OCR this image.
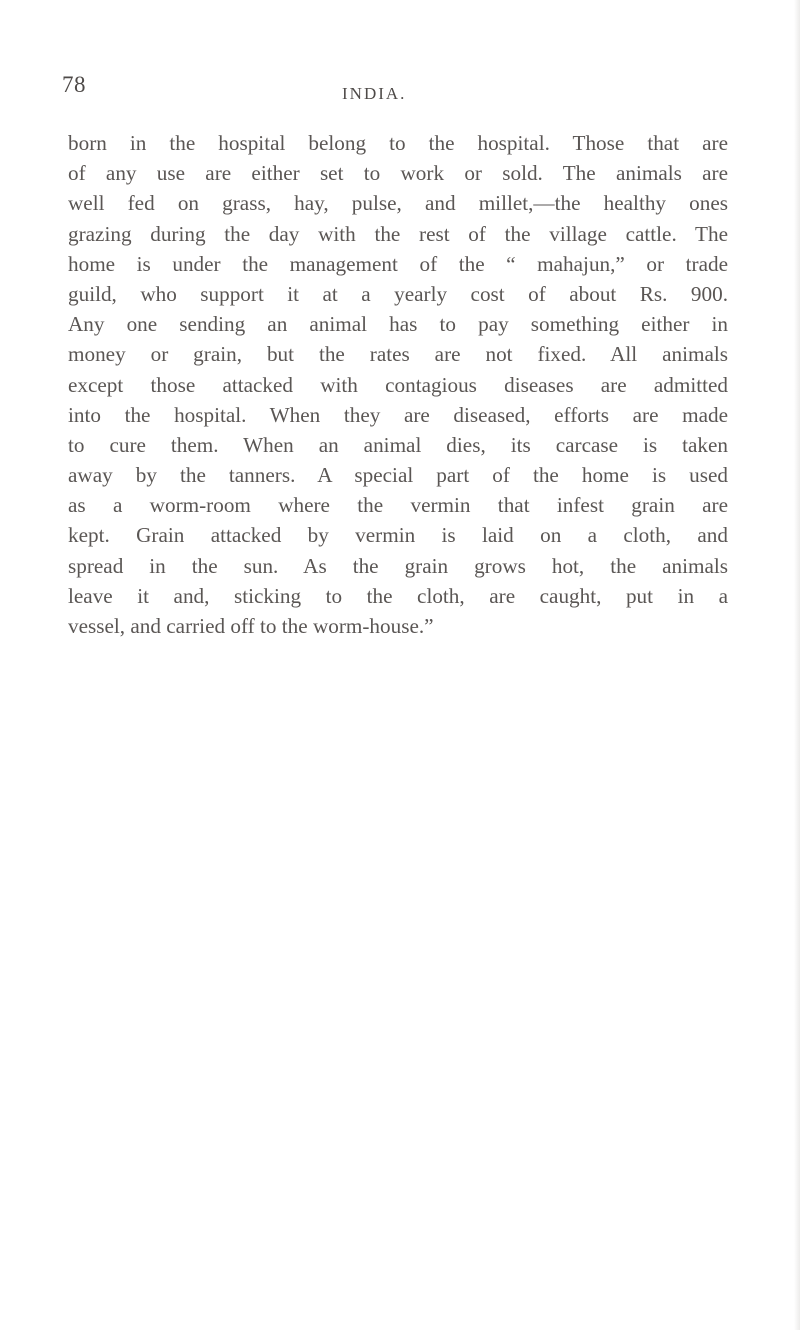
78	INDIA.
born in the hospital belong to the hospital. Those that are
of any use are either set to work or sold. The animals are
well fed on grass, hay, pulse, and millet,—the healthy ones
grazing during the day with the rest of the village cattle. The
home is under the management of the “ mahajun,” or trade
guild, who support it at a yearly cost of about Rs. 900.
Any one sending an animal has to pay something either in
money or grain, but the rates are not fixed. All animals
except those attacked with contagious diseases are admitted
into the hospital. When they are diseased, efforts are made
to cure them. When an animal dies, its carcase is taken
away by the tanners. A special part of the home is used
as a worm-room where the vermin that infest grain are
kept. Grain attacked by vermin is laid on a cloth, and
spread in the sun. As the grain grows hot, the animals
leave it and, sticking to the cloth, are caught, put in a
vessel, and carried off to the worm-house.”
